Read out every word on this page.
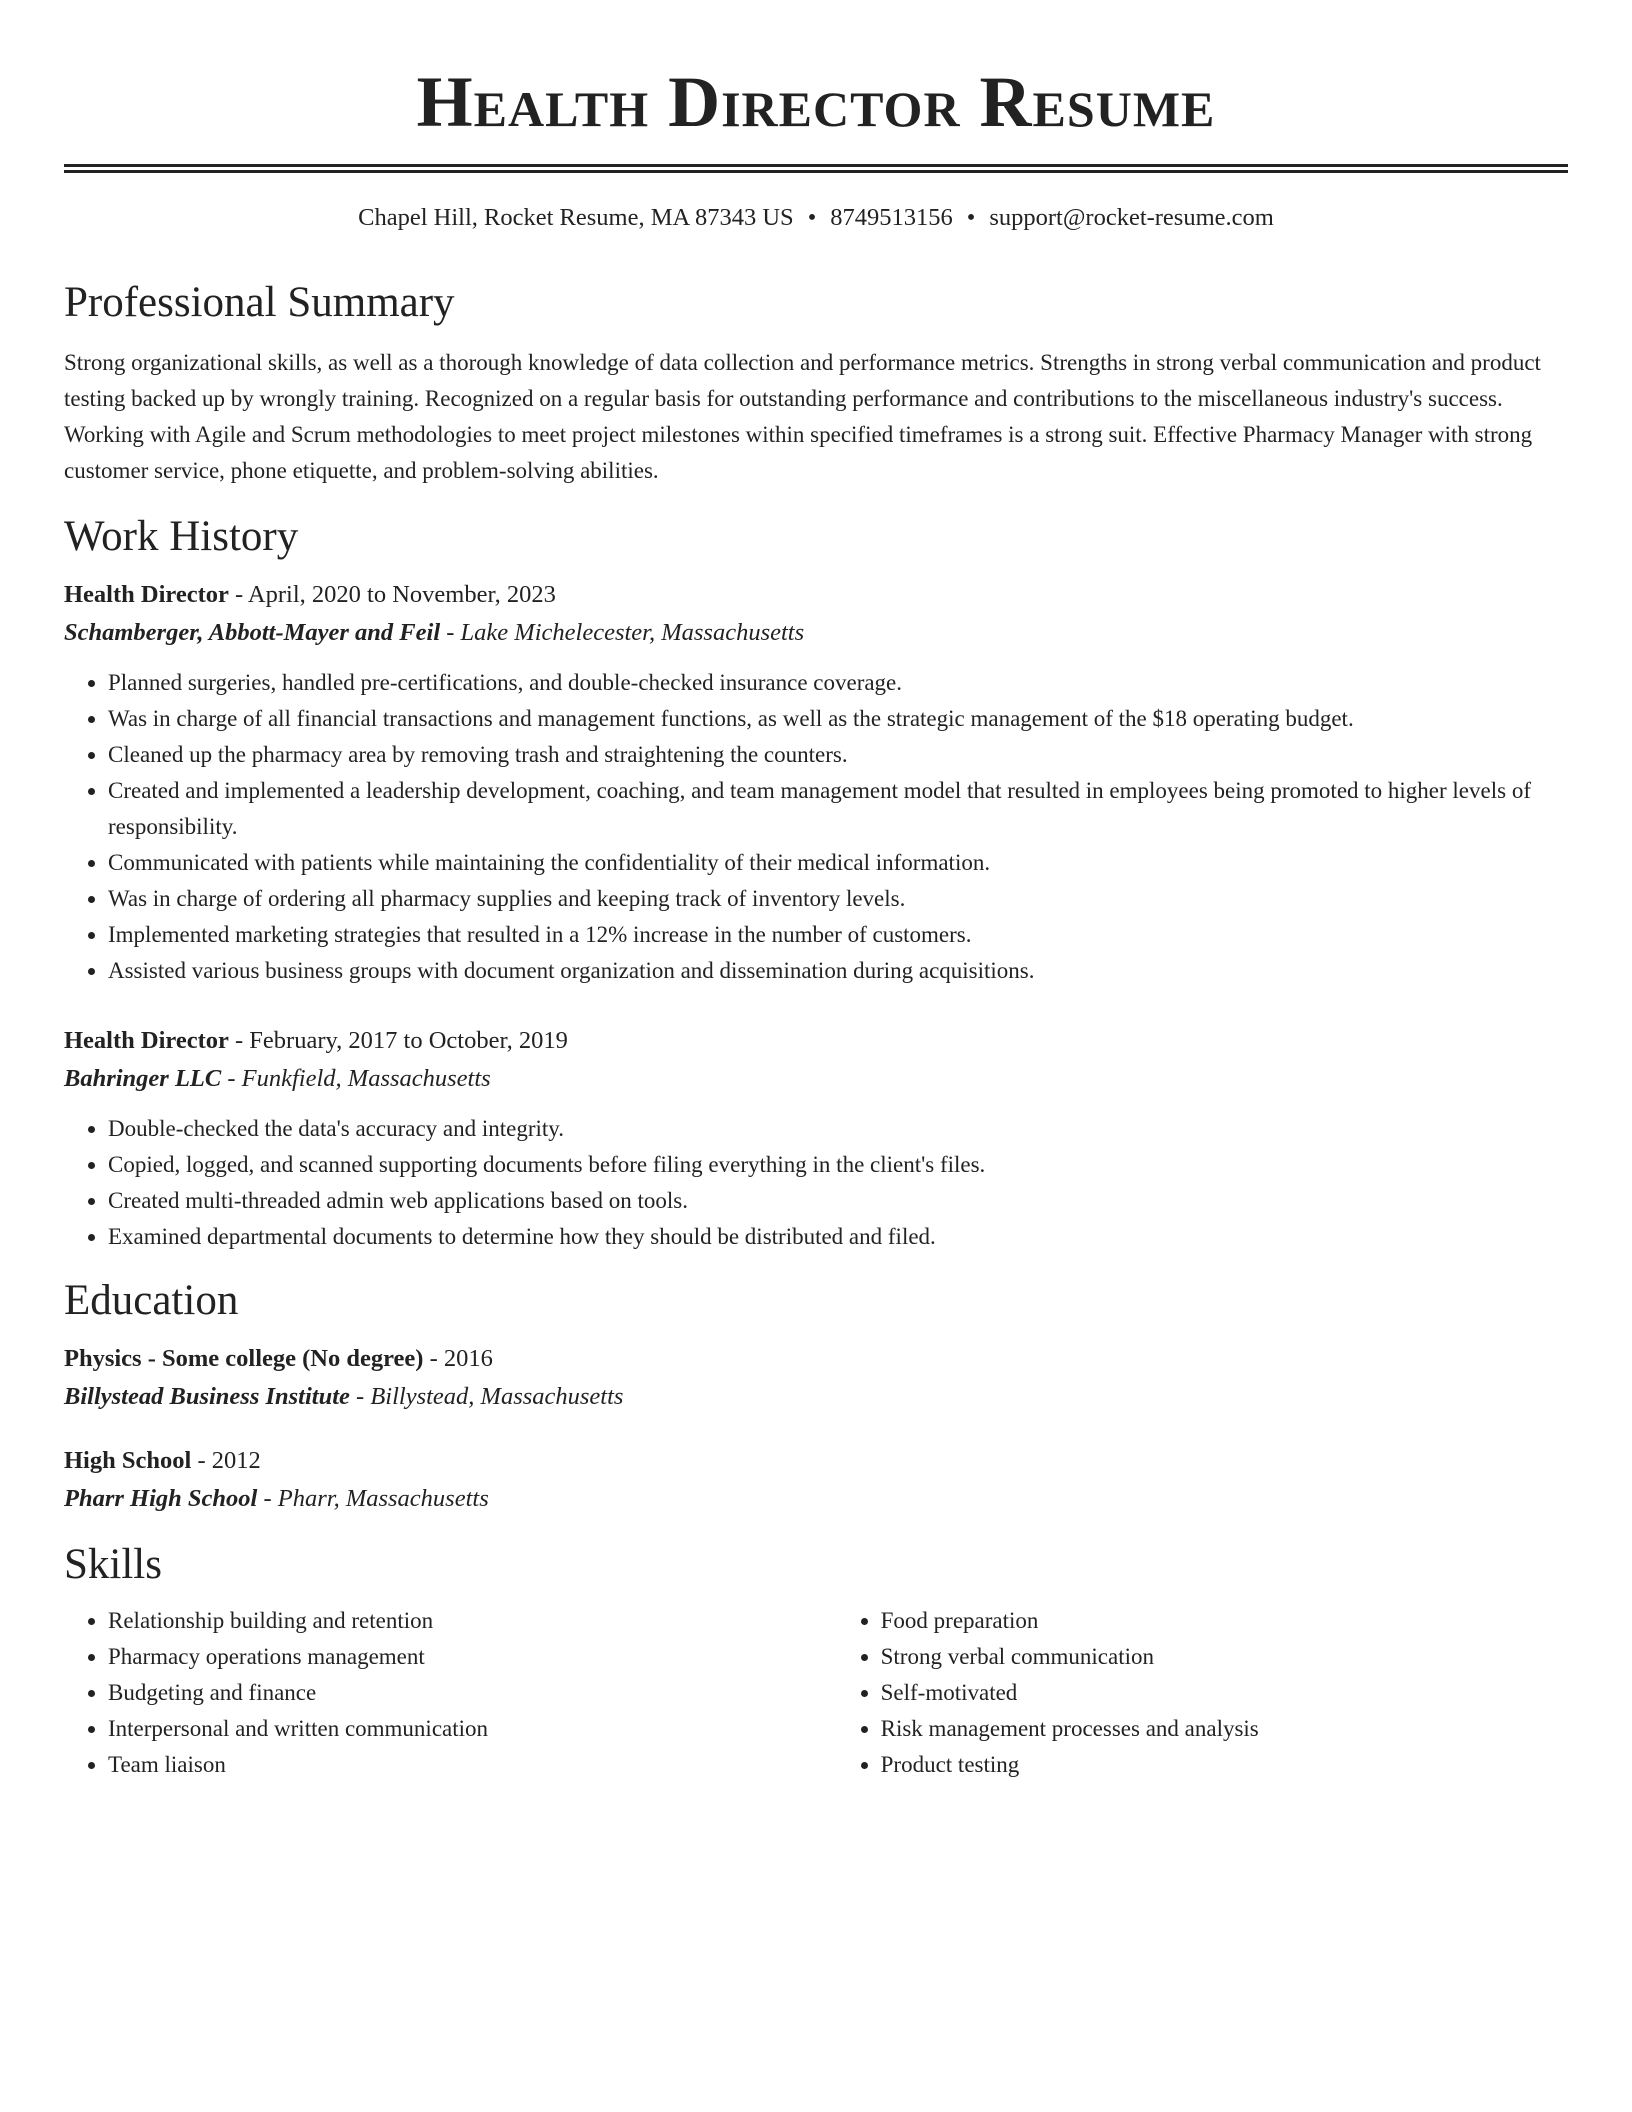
Health Director Resume
Chapel Hill, Rocket Resume, MA 87343 US • 8749513156 • support@rocket-resume.com
Professional Summary

Strong organizational skills, as well as a thorough knowledge of data collection and performance metrics. Strengths in strong verbal communication and product testing backed up by wrongly training. Recognized on a regular basis for outstanding performance and contributions to the miscellaneous industry's success. Working with Agile and Scrum methodologies to meet project milestones within specified timeframes is a strong suit. Effective Pharmacy Manager with strong customer service, phone etiquette, and problem-solving abilities.

Work History
Health Director - April, 2020 to November, 2023
Schamberger, Abbott-Mayer and Feil - Lake Michelecester, Massachusetts
• Planned surgeries, handled pre-certifications, and double-checked insurance coverage.
• Was in charge of all financial transactions and management functions, as well as the strategic management of the $18 operating budget.
• Cleaned up the pharmacy area by removing trash and straightening the counters.
• Created and implemented a leadership development, coaching, and team management model that resulted in employees being promoted to higher levels of responsibility.
• Communicated with patients while maintaining the confidentiality of their medical information.
• Was in charge of ordering all pharmacy supplies and keeping track of inventory levels.
• Implemented marketing strategies that resulted in a 12% increase in the number of customers.
• Assisted various business groups with document organization and dissemination during acquisitions.
Health Director - February, 2017 to October, 2019
Bahringer LLC - Funkfield, Massachusetts
• Double-checked the data's accuracy and integrity.
• Copied, logged, and scanned supporting documents before filing everything in the client's files.
• Created multi-threaded admin web applications based on tools.
• Examined departmental documents to determine how they should be distributed and filed.
Education
Physics - Some college (No degree) - 2016
Billystead Business Institute - Billystead, Massachusetts
High School - 2012
Pharr High School - Pharr, Massachusetts
Skills
• Relationship building and retention
• Pharmacy operations management
• Budgeting and finance
• Interpersonal and written communication
• Team liaison
• Food preparation
• Strong verbal communication
• Self-motivated
• Risk management processes and analysis
• Product testing
